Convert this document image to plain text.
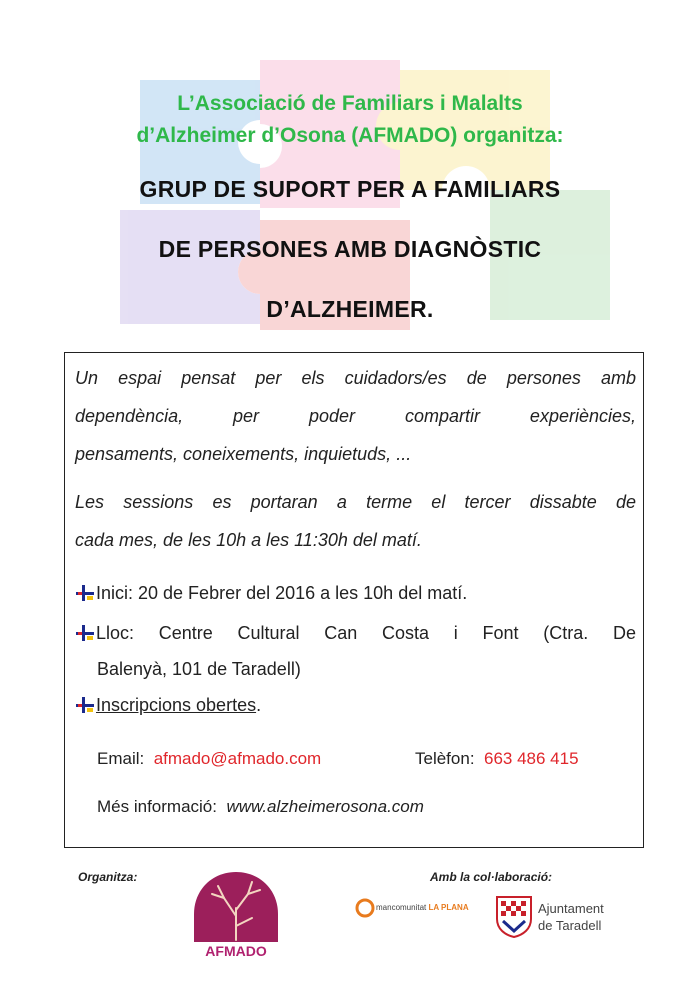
L’Associació de Familiars i Malalts
d’Alzheimer d’Osona (AFMADO) organitza:
GRUP DE SUPORT PER A FAMILIARS
DE PERSONES AMB DIAGNÒSTIC
D’ALZHEIMER.
Un espai pensat per els cuidadors/es de persones amb
dependència, per poder compartir experiències,
pensaments, coneixements, inquietuds, ...
Les sessions es portaran a terme el tercer dissabte de
cada mes, de les 10h a les 11:30h del matí.
Inici: 20 de Febrer del 2016 a les 10h del matí.
Lloc: Centre Cultural Can Costa i Font (Ctra. De
Balenyà, 101 de Taradell)
Inscripcions obertes.
Email: afmado@afmado.com	Telèfon: 663 486 415
Més informació: www.alzheimerosona.com
Organitza:
AFMADO
Amb la col·laboració:
mancomunitat LA PLANA	Ajuntament
de Taradell
